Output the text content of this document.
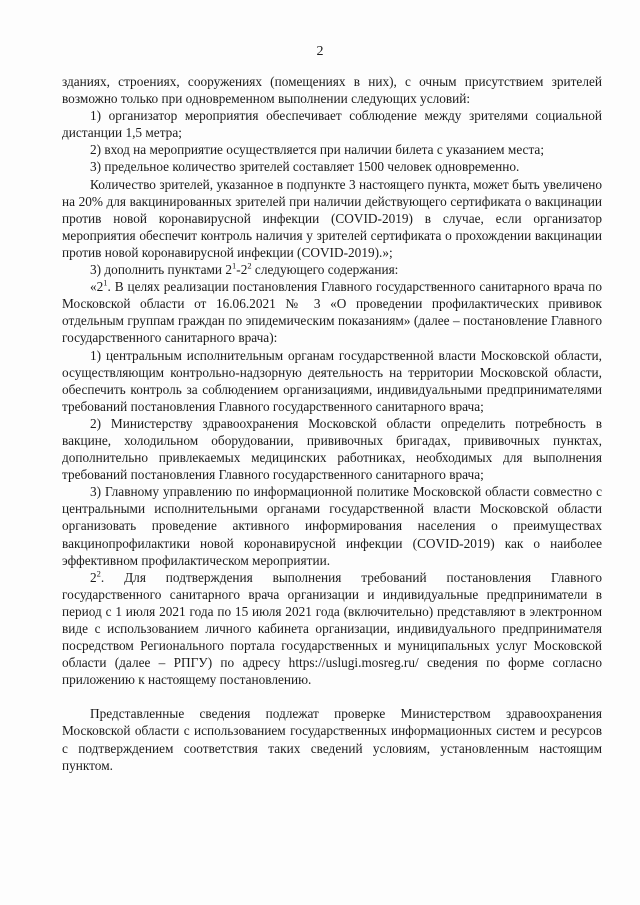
2

зданиях, строениях, сооружениях (помещениях в них), с очным присутствием зрителей возможно только при одновременном выполнении следующих условий:

1) организатор мероприятия обеспечивает соблюдение между зрителями социальной дистанции 1,5 метра;

2) вход на мероприятие осуществляется при наличии билета с указанием места;

3) предельное количество зрителей составляет 1500 человек одновременно.

Количество зрителей, указанное в подпункте 3 настоящего пункта, может быть увеличено на 20% для вакцинированных зрителей при наличии действующего сертификата о вакцинации против новой коронавирусной инфекции (COVID-2019) в случае, если организатор мероприятия обеспечит контроль наличия у зрителей сертификата о прохождении вакцинации против новой коронавирусной инфекции (COVID-2019).»;

3) дополнить пунктами $2^1-2^2$ следующего содержания:

«$2^1$. В целях реализации постановления Главного государственного санитарного врача по Московской области от 16.06.2021 № 3 «О проведении профилактических прививок отдельным группам граждан по эпидемическим показаниям» (далее – постановление Главного государственного санитарного врача):

1) центральным исполнительным органам государственной власти Московской области, осуществляющим контрольно-надзорную деятельность на территории Московской области, обеспечить контроль за соблюдением организациями, индивидуальными предпринимателями требований постановления Главного государственного санитарного врача;

2) Министерству здравоохранения Московской области определить потребность в вакцине, холодильном оборудовании, прививочных бригадах, прививочных пунктах, дополнительно привлекаемых медицинских работниках, необходимых для выполнения требований постановления Главного государственного санитарного врача;

3) Главному управлению по информационной политике Московской области совместно с центральными исполнительными органами государственной власти Московской области организовать проведение активного информирования населения о преимуществах вакцинопрофилактики новой коронавирусной инфекции (COVID-2019) как о наиболее эффективном профилактическом мероприятии.

$2^2$. Для подтверждения выполнения требований постановления Главного государственного санитарного врача организации и индивидуальные предприниматели в период с 1 июля 2021 года по 15 июля 2021 года (включительно) представляют в электронном виде с использованием личного кабинета организации, индивидуального предпринимателя посредством Регионального портала государственных и муниципальных услуг Московской области (далее – РПГУ) по адресу https://uslugi.mosreg.ru/ сведения по форме согласно приложению к настоящему постановлению.

Представленные сведения подлежат проверке Министерством здравоохранения Московской области с использованием государственных информационных систем и ресурсов с подтверждением соответствия таких сведений условиям, установленным настоящим пунктом.
